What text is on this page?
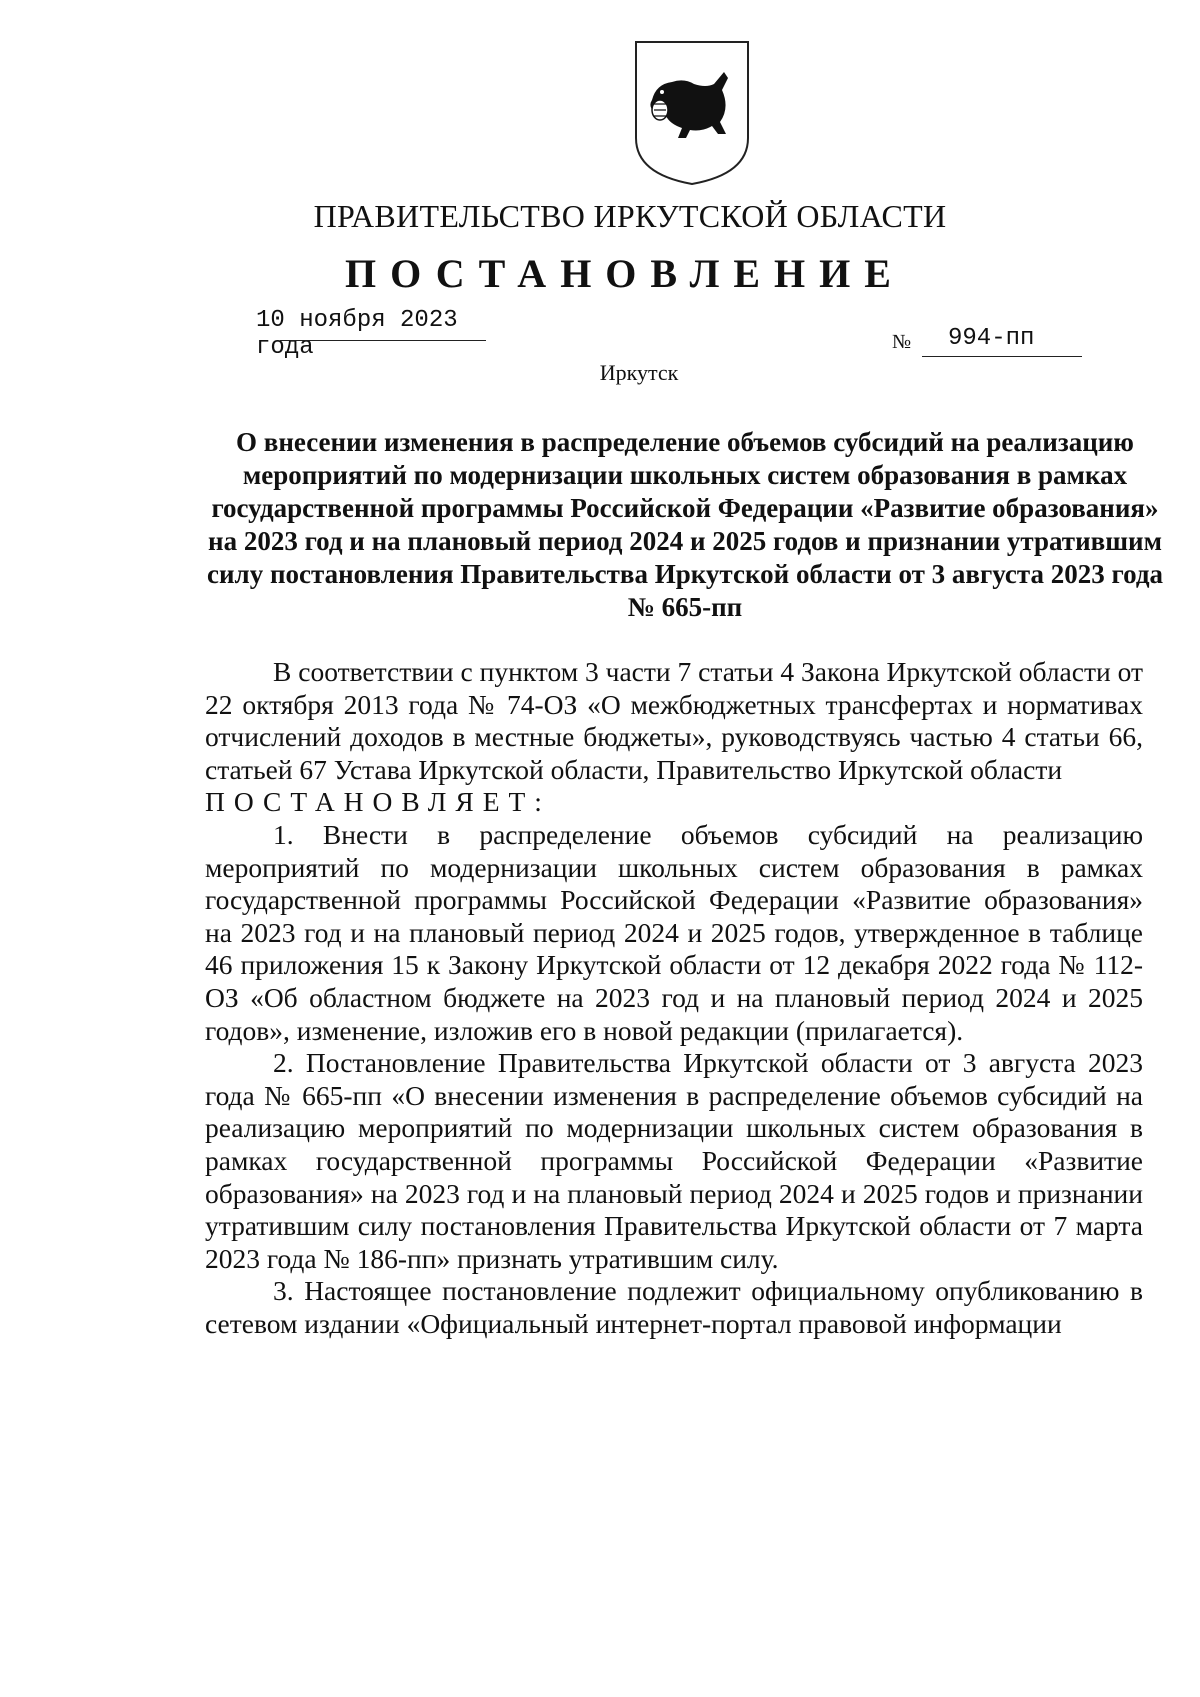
ПРАВИТЕЛЬСТВО ИРКУТСКОЙ ОБЛАСТИ
ПОСТАНОВЛЕНИЕ
10 ноября 2023 года	№ 994-пп
Иркутск
О внесении изменения в распределение объемов субсидий на реализацию мероприятий по модернизации школьных систем образования в рамках государственной программы Российской Федерации «Развитие образования» на 2023 год и на плановый период 2024 и 2025 годов и признании утратившим силу постановления Правительства Иркутской области от 3 августа 2023 года № 665-пп

В соответствии с пунктом 3 части 7 статьи 4 Закона Иркутской области от 22 октября 2013 года № 74-ОЗ «О межбюджетных трансфертах и нормативах отчислений доходов в местные бюджеты», руководствуясь частью 4 статьи 66, статьей 67 Устава Иркутской области, Правительство Иркутской области

ПОСТАНОВЛЯЕТ:

1. Внести в распределение объемов субсидий на реализацию мероприятий по модернизации школьных систем образования в рамках государственной программы Российской Федерации «Развитие образования» на 2023 год и на плановый период 2024 и 2025 годов, утвержденное в таблице 46 приложения 15 к Закону Иркутской области от 12 декабря 2022 года № 112-ОЗ «Об областном бюджете на 2023 год и на плановый период 2024 и 2025 годов», изменение, изложив его в новой редакции (прилагается).

2. Постановление Правительства Иркутской области от 3 августа 2023 года № 665-пп «О внесении изменения в распределение объемов субсидий на реализацию мероприятий по модернизации школьных систем образования в рамках государственной программы Российской Федерации «Развитие образования» на 2023 год и на плановый период 2024 и 2025 годов и признании утратившим силу постановления Правительства Иркутской области от 7 марта 2023 года № 186-пп» признать утратившим силу.

3. Настоящее постановление подлежит официальному опубликованию в сетевом издании «Официальный интернет-портал правовой информации
